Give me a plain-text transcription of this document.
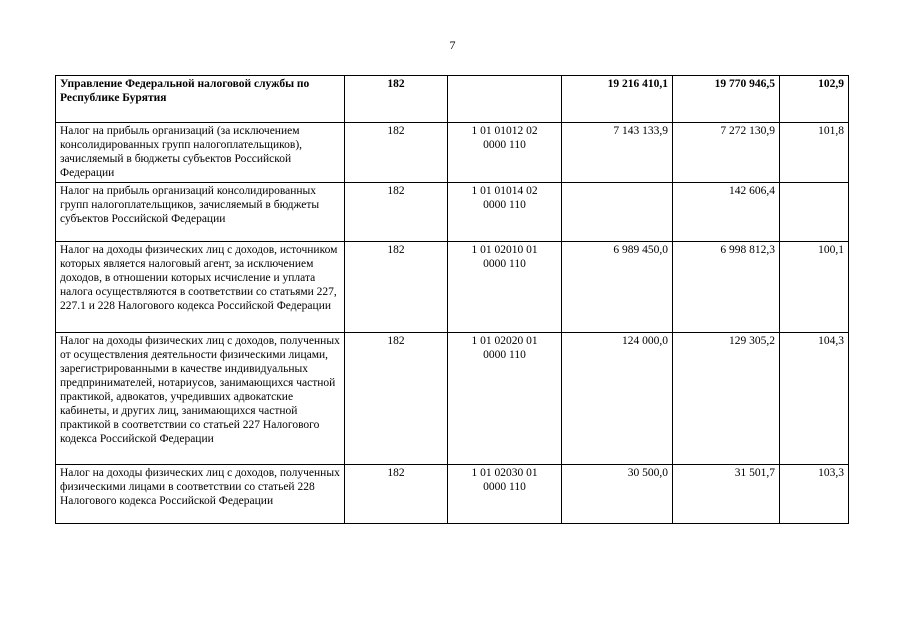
7
Управление Федеральной налоговой службы по Республике Бурятия	182		19 216 410,1	19 770 946,5	102,9
Налог на прибыль организаций (за исключением консолидированных групп налогоплательщиков), зачисляемый в бюджеты субъектов Российской Федерации	182	1 01 01012 02
0000 110	7 143 133,9	7 272 130,9	101,8
Налог на прибыль организаций консолидированных групп налогоплательщиков, зачисляемый в бюджеты субъектов Российской Федерации	182	1 01 01014 02
0000 110		142 606,4	
Налог на доходы физических лиц с доходов, источником которых является налоговый агент, за исключением доходов, в отношении которых исчисление и уплата налога осуществляются в соответствии со статьями 227, 227.1 и 228 Налогового кодекса Российской Федерации	182	1 01 02010 01
0000 110	6 989 450,0	6 998 812,3	100,1
Налог на доходы физических лиц с доходов, полученных от осуществления деятельности физическими лицами, зарегистрированными в качестве индивидуальных предпринимателей, нотариусов, занимающихся частной практикой, адвокатов, учредивших адвокатские кабинеты, и других лиц, занимающихся частной практикой в соответствии со статьей 227 Налогового кодекса Российской Федерации	182	1 01 02020 01
0000 110	124 000,0	129 305,2	104,3
Налог на доходы физических лиц с доходов, полученных физическими лицами в соответствии со статьей 228 Налогового кодекса Российской Федерации	182	1 01 02030 01
0000 110	30 500,0	31 501,7	103,3
